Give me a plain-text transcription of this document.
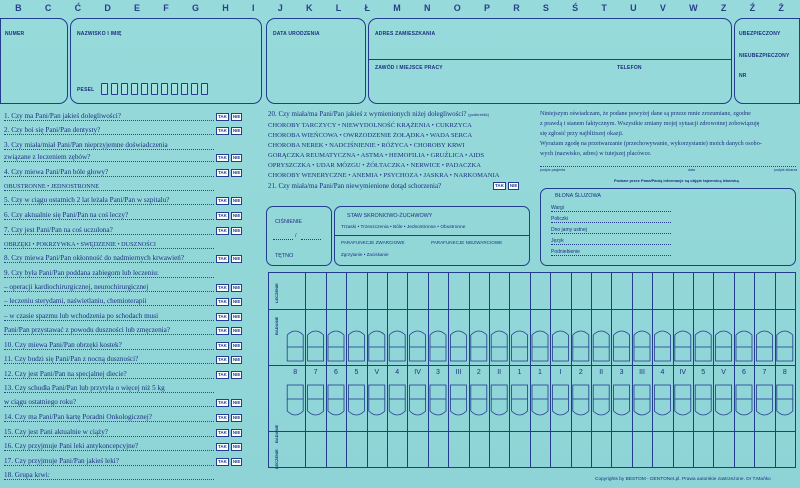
B C Ć D E F G H I J K L Ł M N O P R S Ś T U V W Z Ź Ż
NUMER	NAZWISKO I IMIĘ
PESEL
DATA URODZENIA	ADRES ZAMIESZKANIA
ZAWÓD I MIEJSCE PRACY	TELEFON
UBEZPIECZONY
NIEUBEZPIECZONY
NR
1. Czy ma Pani/Pan jakieś dolegliwości?	TAK	NIE
2. Czy boi się Pani/Pan dentysty?	TAK	NIE
3. Czy miała/miał Pani/Pan nieprzyjemne doświadczenia
związane z leczeniem zębów?	TAK	NIE
4. Czy miewa Pani/Pan bóle głowy?	TAK	NIE
OBUSTRONNE • JEDNOSTRONNE
5. Czy w ciągu ostatnich 2 lat leżała Pani/Pan w szpitalu?	TAK	NIE
6. Czy aktualnie się Pani/Pan na coś leczy?	TAK	NIE
7. Czy jest Pani/Pan na coś uczulona?	TAK	NIE
OBRZĘKI • POKRZYWKA • SWĘDZENIE • DUSZNOŚCI
8. Czy miewa Pani/Pan okłonność do nadmiernych krwawień?	TAK	NIE
9. Czy była Pani/Pan poddana zabiegom lub leczeniu:
– operacji kardiochirurgicznej, neurochirurgicznej	TAK	NIE
– leczeniu sterydami, naświetlaniu, chemioterapii	TAK	NIE
– w czasie spazmu lub wchodzenia po schodach musi	TAK	NIE
Pani/Pan przystawać z powodu duszności lub zmęczenia?	TAK	NIE
10. Czy miewa Pani/Pan obrzęki kostek?	TAK	NIE
11. Czy budzi się Pani/Pan z nocną duszności?	TAK	NIE
12. Czy jest Pani/Pan na specjalnej diecie?	TAK	NIE
13. Czy schudła Pani/Pan lub przytyła o więcej niż 5 kg
w ciągu ostatniego roku?	TAK	NIE
14. Czy ma Pani/Pan kartę Poradni Onkologicznej?	TAK	NIE
15. Czy jest Pani aktualnie w ciąży?	TAK	NIE
16. Czy przyjmuje Pani leki antykoncepcyjne?	TAK	NIE
17. Czy przyjmuje Pani/Pan jakieś leki?	TAK	NIE
18. Grupa krwi:
20. Czy miała/ma Pani/Pan jakieś z wymienionych niżej dolegliwości? (podkreślić)
CHOROBY TARCZYCY • NIEWYDOLNOŚĆ KRĄŻENIA • CUKRZYCA
CHOROBA WIEŃCOWA • OWRZODZENIE ŻOŁĄDKA • WADA SERCA
CHOROBA NEREK • NADCIŚNIENIE • RÓŻYCA • CHOROBY KRWI
GORĄCZKA REUMATYCZNA • ASTMA • HEMOFILIA • GRUŹLICA • AIDS
OPRYSZCZKA • UDAR MÓZGU • ŻÓŁTACZKA • NERWICE • PADACZKA
CHOROBY WENERYCZNE • ANEMIA • PSYCHOZA • JASKRA • NARKOMANIA
21. Czy miała/ma Pani/Pan niewymienione dotąd schorzenia?	TAK	NIE
Niniejszym oświadczam, że podane powyżej dane są przeze mnie zrozumiane, zgodne
z prawdą i stanem faktycznym. Wszystkie zmiany mojej sytuacji zdrowotnej zobowiązuję
się zgłosić przy najbliższej okazji.
Wyrażam zgodę na przetwarzanie (przechowywanie, wykorzystanie) moich danych osobo-
wych (nazwisko, adres) w tutejszej placówce.
podpis pacjenta	data	podpis lekarza
Podane przez Pana/Panią informacje są objęte tajemnicą lekarską
CIŚNIENIE
/
TĘTNO
STAW SKRONIOWO-ŻUCHWOWY
Trzaski • Trzeszczenia • Bóle • Jednostronne • Obustronne
PARAFUNKCJE ZWARCIOWE	PARAFUNKCJE NIEZWARCIOWE
Zgrzytanie • Zaciskanie
BŁONA ŚLUZOWA
Wargi
Policzki
Dno jamy ustnej
Język
Podniebienie
LECZENIE
BADANIE
BADANIE
LECZENIE
8	7	6	5	V	4	IV	3	III	2	II	1	1	I	2	II	3	III	4	IV	5	V	6	7	8
Copyrights by BESTOM - DENTONet.pl. Prawa autorskie zastrzeżone. Dr T.Mańko
